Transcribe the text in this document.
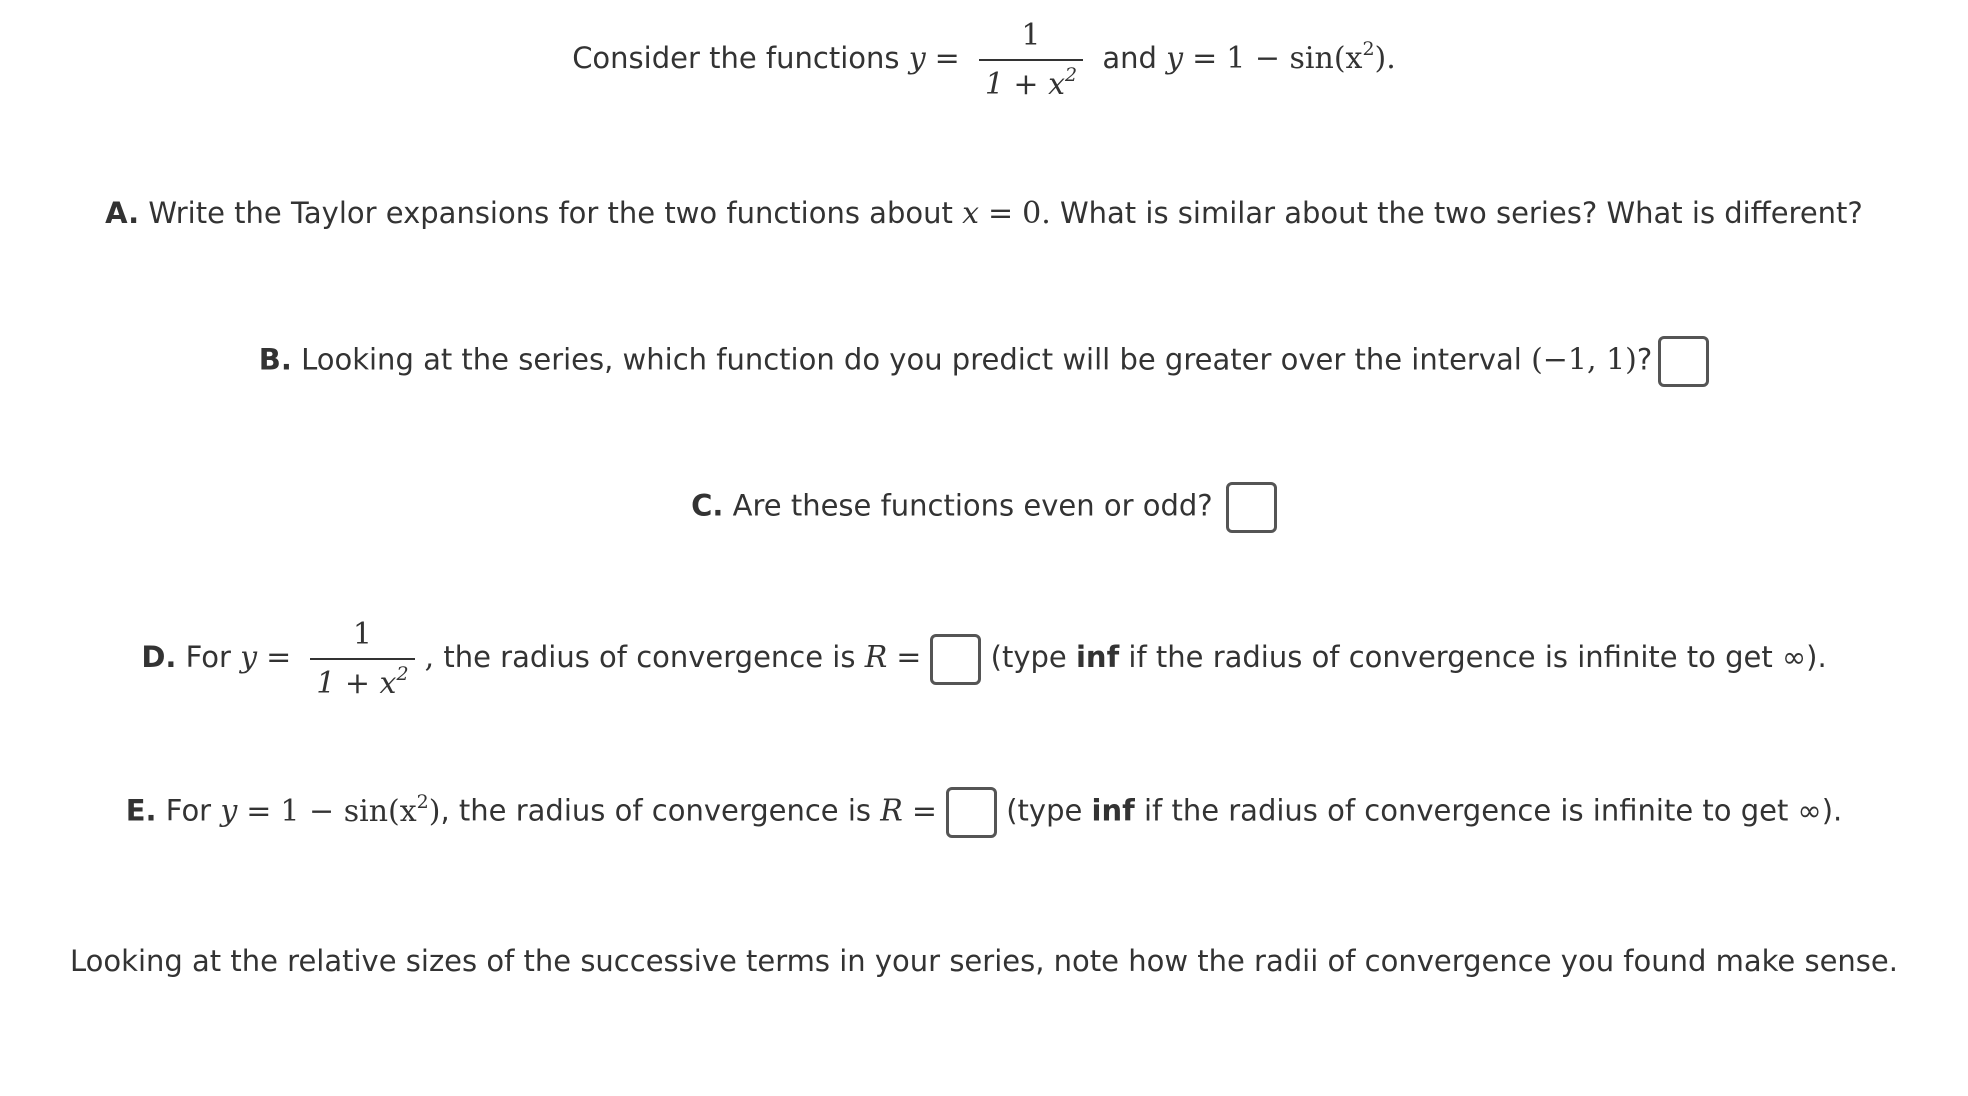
Consider the functions $y = \frac{1}{1 + x^2}$ and $y = 1 - \sin(x^2)$.
A. Write the Taylor expansions for the two functions about x = 0. What is similar about the two series? What is different?
B. Looking at the series, which function do you predict will be greater over the interval (−1, 1)?
C. Are these functions even or odd?
D. For $y = \frac{1}{1 + x^2}$ , the radius of convergence is R = (type inf if the radius of convergence is infinite to get ∞).
E. For $y = 1 - \sin(x^2)$, the radius of convergence is R = (type inf if the radius of convergence is infinite to get ∞).
Looking at the relative sizes of the successive terms in your series, note how the radii of convergence you found make sense.
